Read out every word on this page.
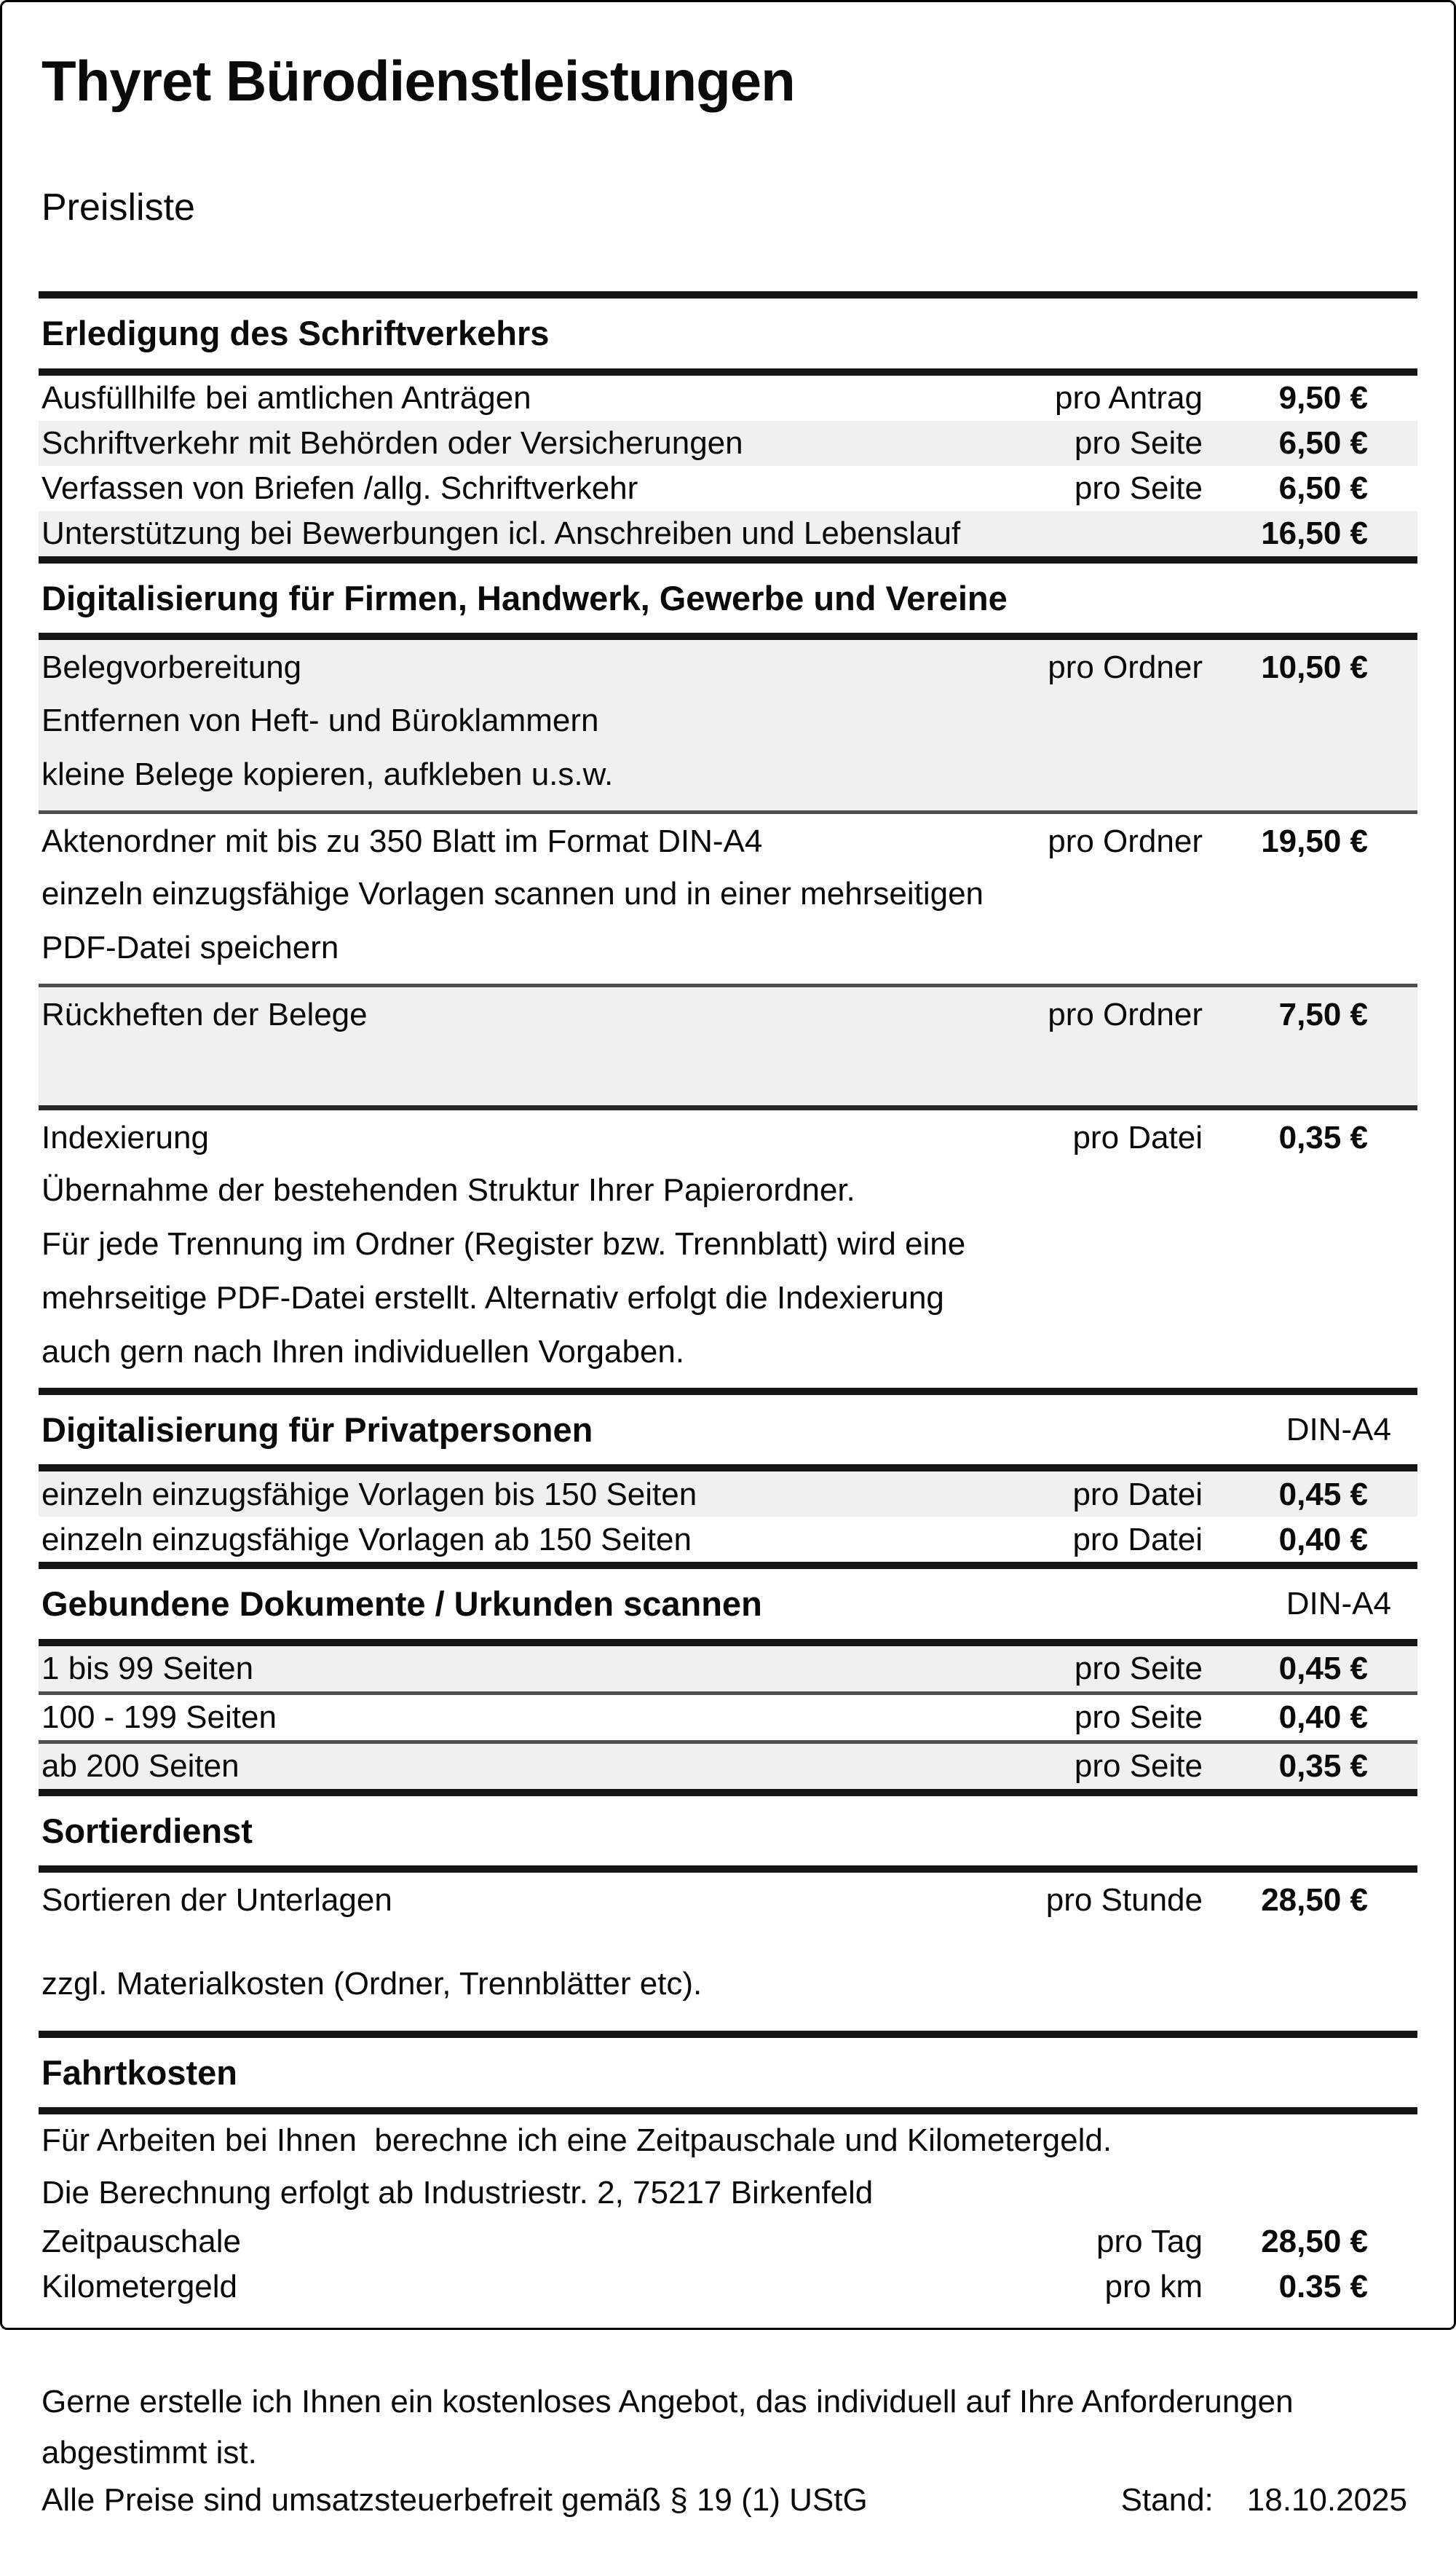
Thyret Bürodienstleistungen
Preisliste
Erledigung des Schriftverkehrs
Ausfüllhilfe bei amtlichen Anträgen	pro Antrag	9,50 €
Schriftverkehr mit Behörden oder Versicherungen	pro Seite	6,50 €
Verfassen von Briefen /allg. Schriftverkehr	pro Seite	6,50 €
Unterstützung bei Bewerbungen icl. Anschreiben und Lebenslauf	16,50 €
Digitalisierung für Firmen, Handwerk, Gewerbe und Vereine
Belegvorbereitung	pro Ordner	10,50 €
Entfernen von Heft- und Büroklammern
kleine Belege kopieren, aufkleben u.s.w.
Aktenordner mit bis zu 350 Blatt im Format DIN-A4	pro Ordner	19,50 €
einzeln einzugsfähige Vorlagen scannen und in einer mehrseitigen
PDF-Datei speichern
Rückheften der Belege	pro Ordner	7,50 €
Indexierung	pro Datei	0,35 €
Übernahme der bestehenden Struktur Ihrer Papierordner.
Für jede Trennung im Ordner (Register bzw. Trennblatt) wird eine
mehrseitige PDF-Datei erstellt. Alternativ erfolgt die Indexierung
auch gern nach Ihren individuellen Vorgaben.
Digitalisierung für Privatpersonen	DIN-A4
einzeln einzugsfähige Vorlagen bis 150 Seiten	pro Datei	0,45 €
einzeln einzugsfähige Vorlagen ab 150 Seiten	pro Datei	0,40 €
Gebundene Dokumente / Urkunden scannen	DIN-A4
1 bis 99 Seiten	pro Seite	0,45 €
100 - 199 Seiten	pro Seite	0,40 €
ab 200 Seiten	pro Seite	0,35 €
Sortierdienst
Sortieren der Unterlagen	pro Stunde	28,50 €
zzgl. Materialkosten (Ordner, Trennblätter etc).
Fahrtkosten
Für Arbeiten bei Ihnen  berechne ich eine Zeitpauschale und Kilometergeld.
Die Berechnung erfolgt ab Industriestr. 2, 75217 Birkenfeld
Zeitpauschale	pro Tag	28,50 €
Kilometergeld	pro km	0.35 €
Gerne erstelle ich Ihnen ein kostenloses Angebot, das individuell auf Ihre Anforderungen abgestimmt ist.
Alle Preise sind umsatzsteuerbefreit gemäß § 19 (1) UStG	Stand: 18.10.2025
